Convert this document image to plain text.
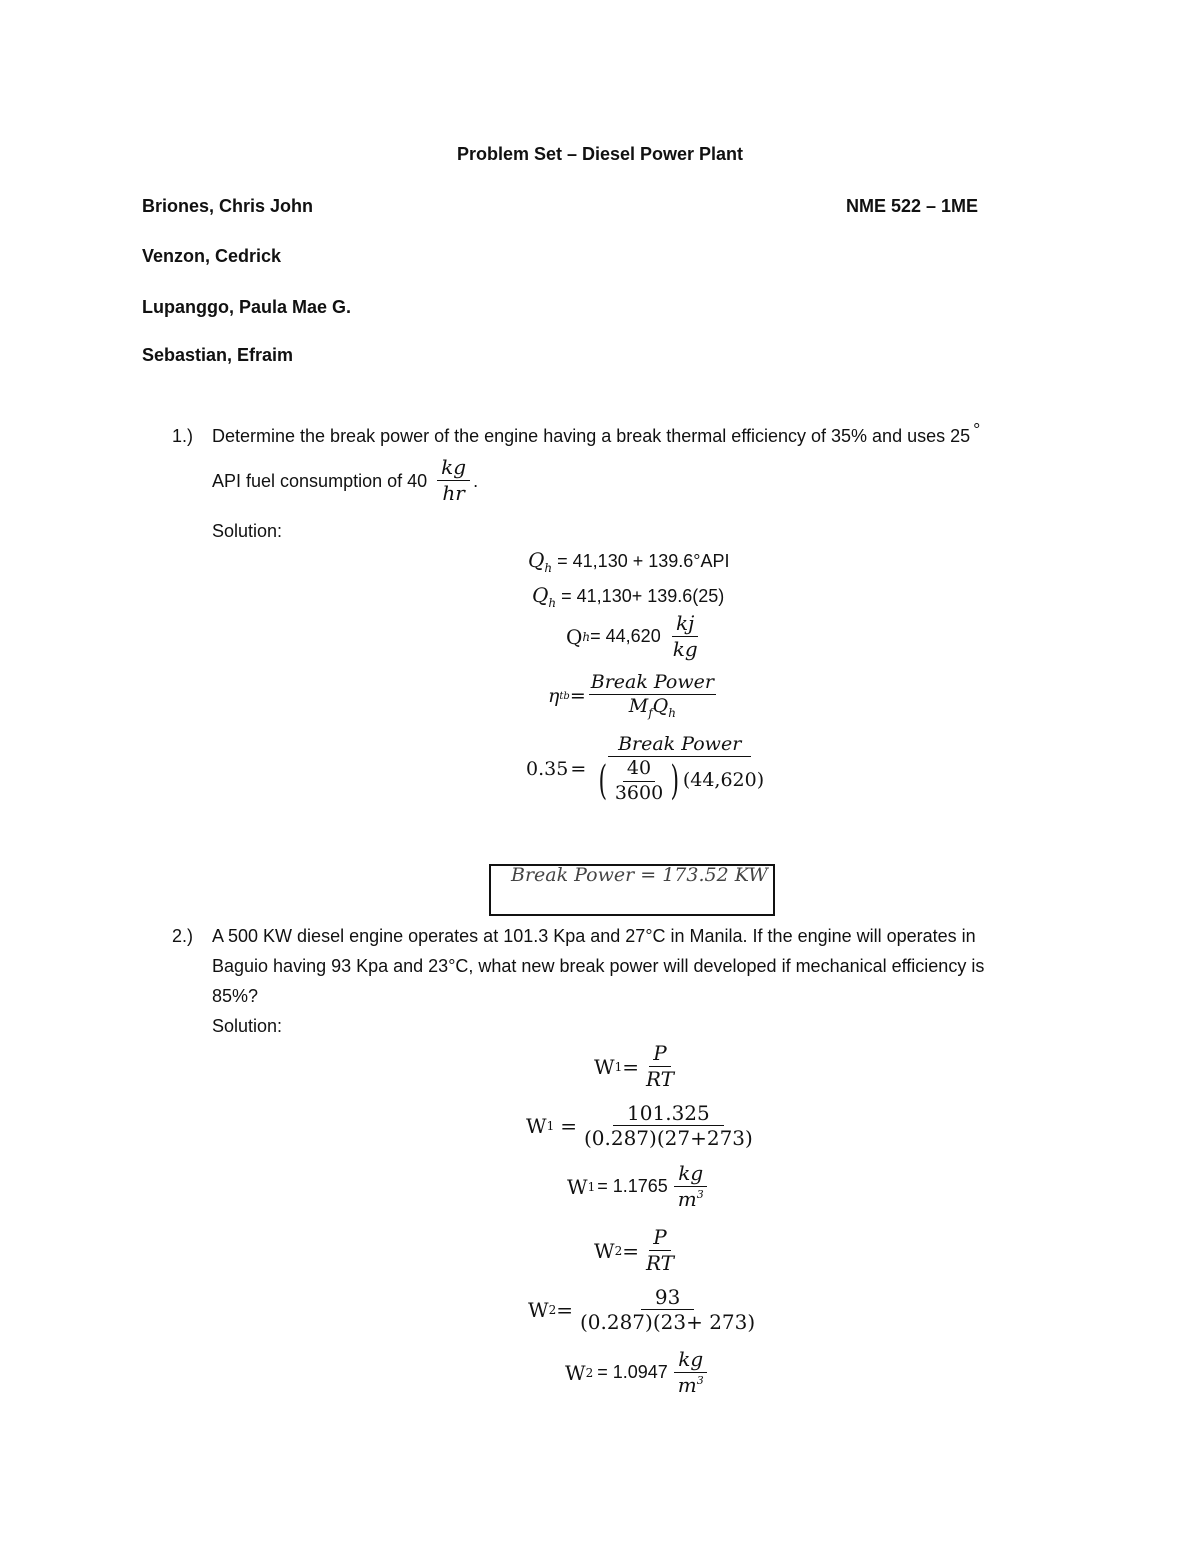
Problem Set – Diesel Power Plant
Briones, Chris John	NME 522 – 1ME
Venzon, Cedrick
Lupanggo, Paula Mae G.
Sebastian, Efraim
1.) Determine the break power of the engine having a break thermal efficiency of 35% and uses 25 °
API fuel consumption of $40 \frac{kg}{hr}$ .
Solution:
$Q_h = 41,130 + 139.6^\circ API$
$Q_h = 41,130+ 139.6(25)$
Q $h = 44,620 \frac{kj}{kg}$
η tb = $\frac{\text{Break Power}}{M_fQ_h}$
0.35 =
Break Power
( $\frac{40}{3600}$ ) (44,620)
Break Power = 173.52 KW
2.) A 500 KW diesel engine operates at 101.3 Kpa and 27°C in Manila. If the engine will operates in
Baguio having 93 Kpa and 23°C, what new break power will developed if mechanical efficiency is
85%?
Solution:
W $1 = \frac{P}{RT}$
W $1 = \frac{101.325}{(0.287)(27+273)}$
W $1 = 1.1765 \frac{kg}{m^3}$
W $2 = \frac{P}{RT}$
W $2 = \frac{93}{(0.287)(23+ 273)}$
W $2 = 1.0947 \frac{kg}{m^3}$
